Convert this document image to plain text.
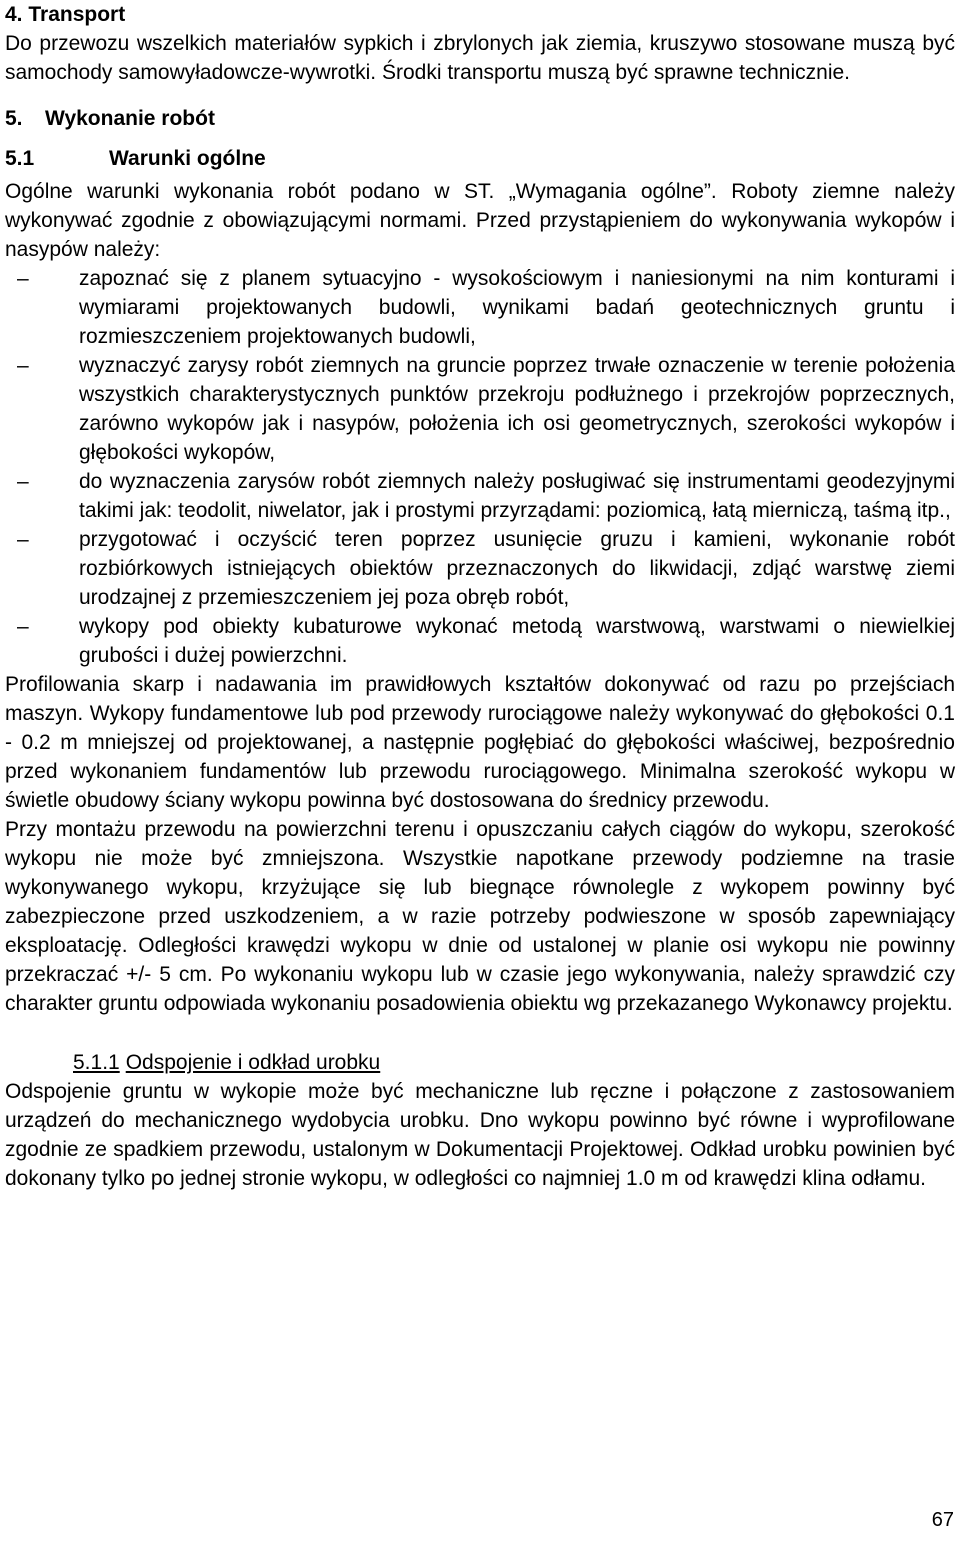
4. Transport

Do przewozu wszelkich materiałów sypkich i zbrylonych jak ziemia, kruszywo stosowane muszą być samochody samowyładowcze-wywrotki. Środki transportu muszą być sprawne technicznie.

5.	Wykonanie robót
5.1	Warunki ogólne

Ogólne warunki wykonania robót podano w ST. „Wymagania ogólne”. Roboty ziemne należy wykonywać zgodnie z obowiązującymi normami. Przed przystąpieniem do wykonywania wykopów i nasypów należy:

– zapoznać się z planem sytuacyjno - wysokościowym i naniesionymi na nim konturami i wymiarami projektowanych budowli, wynikami badań geotechnicznych gruntu i rozmieszczeniem projektowanych budowli,
– wyznaczyć zarysy robót ziemnych na gruncie poprzez trwałe oznaczenie w terenie położenia wszystkich charakterystycznych punktów przekroju podłużnego i przekrojów poprzecznych, zarówno wykopów jak i nasypów, położenia ich osi geometrycznych, szerokości wykopów i głębokości wykopów,
– do wyznaczenia zarysów robót ziemnych należy posługiwać się instrumentami geodezyjnymi takimi jak: teodolit, niwelator, jak i prostymi przyrządami: poziomicą, łatą mierniczą, taśmą itp.,
– przygotować i oczyścić teren poprzez usunięcie gruzu i kamieni, wykonanie robót rozbiórkowych istniejących obiektów przeznaczonych do likwidacji, zdjąć warstwę ziemi urodzajnej z przemieszczeniem jej poza obręb robót,
– wykopy pod obiekty kubaturowe wykonać metodą warstwową, warstwami o niewielkiej grubości i dużej powierzchni.

Profilowania skarp i nadawania im prawidłowych kształtów dokonywać od razu po przejściach maszyn. Wykopy fundamentowe lub pod przewody rurociągowe należy wykonywać do głębokości 0.1 - 0.2 m mniejszej od projektowanej, a następnie pogłębiać do głębokości właściwej, bezpośrednio przed wykonaniem fundamentów lub przewodu rurociągowego. Minimalna szerokość wykopu w świetle obudowy ściany wykopu powinna być dostosowana do średnicy przewodu.

Przy montażu przewodu na powierzchni terenu i opuszczaniu całych ciągów do wykopu, szerokość wykopu nie może być zmniejszona. Wszystkie napotkane przewody podziemne na trasie wykonywanego wykopu, krzyżujące się lub biegnące równolegle z wykopem powinny być zabezpieczone przed uszkodzeniem, a w razie potrzeby podwieszone w sposób zapewniający eksploatację. Odległości krawędzi wykopu w dnie od ustalonej w planie osi wykopu nie powinny przekraczać +/- 5 cm. Po wykonaniu wykopu lub w czasie jego wykonywania, należy sprawdzić czy charakter gruntu odpowiada wykonaniu posadowienia obiektu wg przekazanego Wykonawcy projektu.

5.1.1 Odspojenie i odkład urobku

Odspojenie gruntu w wykopie może być mechaniczne lub ręczne i połączone z zastosowaniem urządzeń do mechanicznego wydobycia urobku. Dno wykopu powinno być równe i wyprofilowane zgodnie ze spadkiem przewodu, ustalonym w Dokumentacji Projektowej. Odkład urobku powinien być dokonany tylko po jednej stronie wykopu, w odległości co najmniej 1.0 m od krawędzi klina odłamu.

67
